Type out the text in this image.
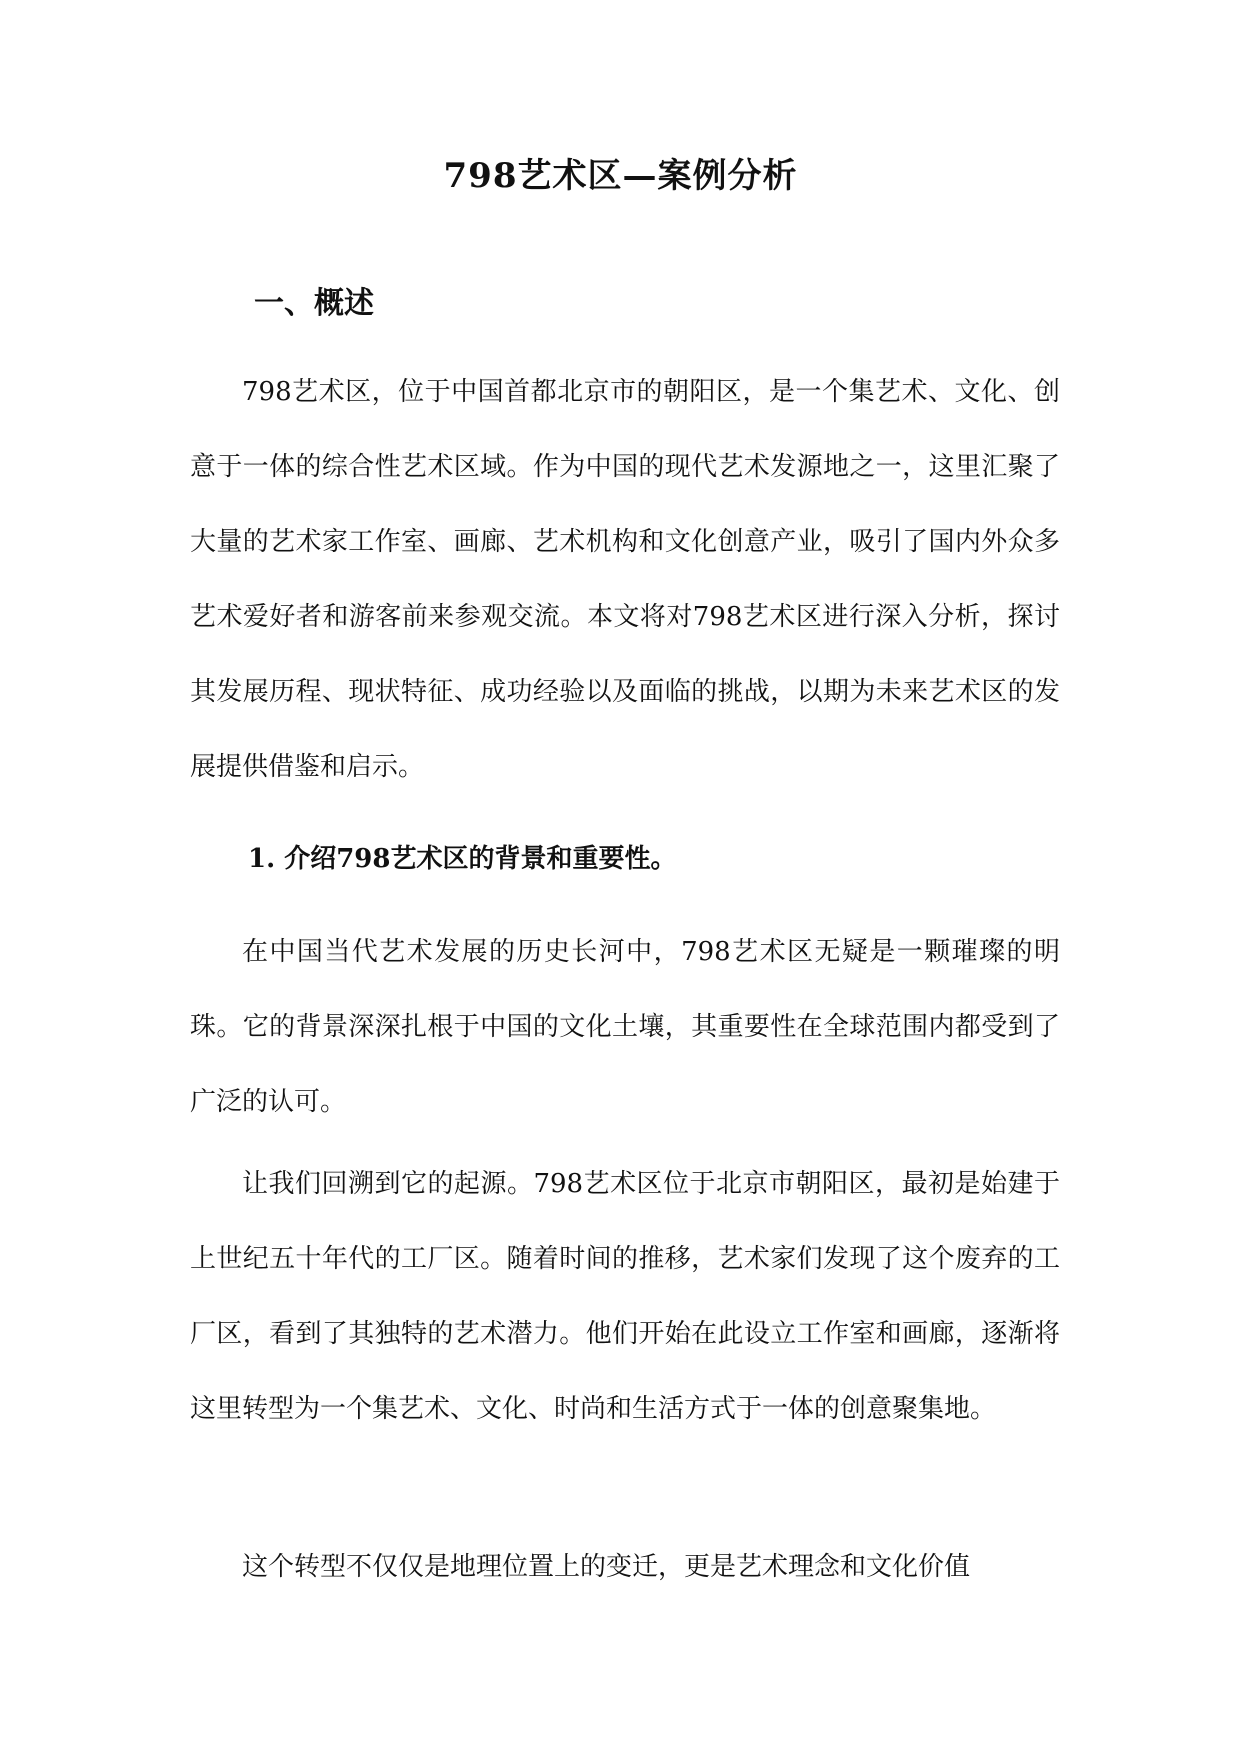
798艺术区—案例分析
一、概述

798艺术区，位于中国首都北京市的朝阳区，是一个集艺术、文化、创意于一体的综合性艺术区域。作为中国的现代艺术发源地之一，这里汇聚了大量的艺术家工作室、画廊、艺术机构和文化创意产业，吸引了国内外众多艺术爱好者和游客前来参观交流。本文将对798艺术区进行深入分析，探讨其发展历程、现状特征、成功经验以及面临的挑战，以期为未来艺术区的发展提供借鉴和启示。

1. 介绍798艺术区的背景和重要性。

在中国当代艺术发展的历史长河中，798艺术区无疑是一颗璀璨的明珠。它的背景深深扎根于中国的文化土壤，其重要性在全球范围内都受到了广泛的认可。

让我们回溯到它的起源。798艺术区位于北京市朝阳区，最初是始建于上世纪五十年代的工厂区。随着时间的推移，艺术家们发现了这个废弃的工厂区，看到了其独特的艺术潜力。他们开始在此设立工作室和画廊，逐渐将这里转型为一个集艺术、文化、时尚和生活方式于一体的创意聚集地。

这个转型不仅仅是地理位置上的变迁，更是艺术理念和文化价值
